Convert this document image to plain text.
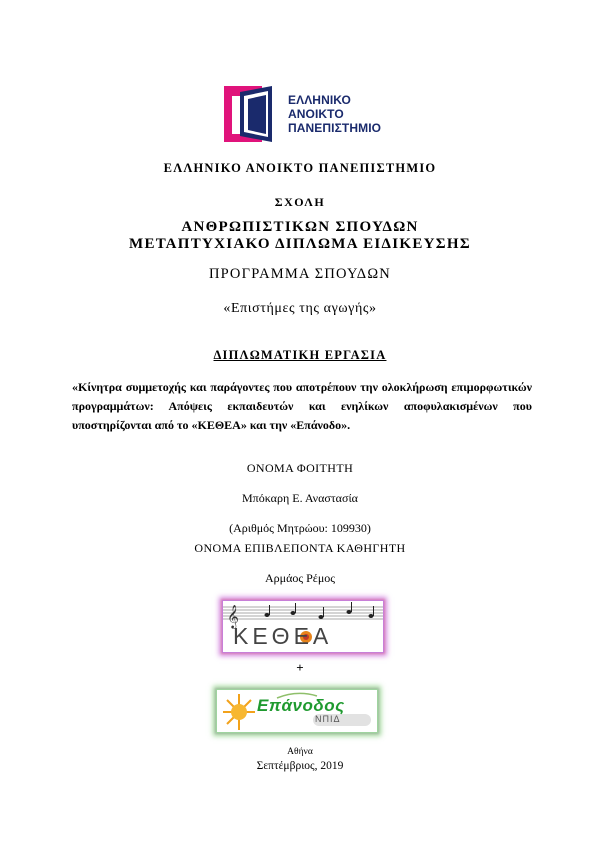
ΕΛΛΗΝΙΚΟ
ΑΝΟΙΚΤΟ
ΠΑΝΕΠΙΣΤΗΜΙΟ
ΕΛΛΗΝΙΚΟ ΑΝΟΙΚΤΟ ΠΑΝΕΠΙΣΤΗΜΙΟ
ΣΧΟΛΗ
ΑΝΘΡΩΠΙΣΤΙΚΩΝ ΣΠΟΥΔΩΝ
ΜΕΤΑΠΤΥΧΙΑΚΟ ΔΙΠΛΩΜΑ ΕΙΔΙΚΕΥΣΗΣ
ΠΡΟΓΡΑΜΜΑ ΣΠΟΥΔΩΝ
«Επιστήμες της αγωγής»
ΔΙΠΛΩΜΑΤΙΚΗ ΕΡΓΑΣΙΑ
«Κίνητρα συμμετοχής και παράγοντες που αποτρέπουν την ολοκλήρωση επιμορφωτικών προγραμμάτων: Απόψεις εκπαιδευτών και ενηλίκων αποφυλακισμένων που υποστηρίζονται από το «ΚΕΘΕΑ» και την «Επάνοδο».
ΟΝΟΜΑ ΦΟΙΤΗΤΗ
Μπόκαρη Ε. Αναστασία
(Αριθμός Μητρώου: 109930)
ΟΝΟΜΑ ΕΠΙΒΛΕΠΟΝΤΑ ΚΑΘΗΓΗΤΗ
Αρμάος Ρέμος
𝄞
ΚΕΘΕΑ
+
Επάνοδος
ΝΠΙΔ
Αθήνα
Σεπτέμβριος, 2019
